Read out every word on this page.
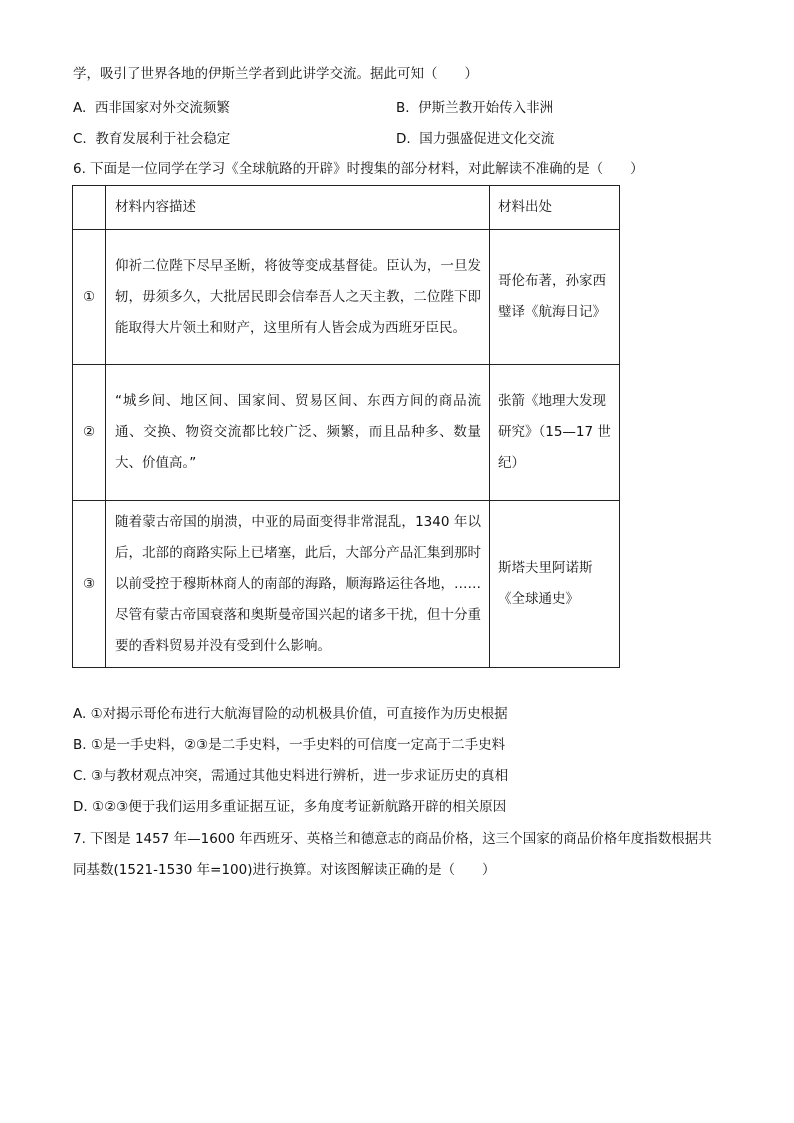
学，吸引了世界各地的伊斯兰学者到此讲学交流。据此可知（　　）
A. 西非国家对外交流频繁	B. 伊斯兰教开始传入非洲
C. 教育发展利于社会稳定	D. 国力强盛促进文化交流
6. 下面是一位同学在学习《全球航路的开辟》时搜集的部分材料，对此解读不准确的是（　　）
	材料内容描述	材料出处
①	仰祈二位陛下尽早圣断，将彼等变成基督徒。臣认为，一旦发轫，毋须多久，大批居民即会信奉吾人之天主教，二位陛下即能取得大片领土和财产，这里所有人皆会成为西班牙臣民。	哥伦布著，孙家西璧译《航海日记》
②	“城乡间、地区间、国家间、贸易区间、东西方间的商品流通、交换、物资交流都比较广泛、频繁，而且品种多、数量大、价值高。”	张箭《地理大发现研究》（15—17 世纪）
③	随着蒙古帝国的崩溃，中亚的局面变得非常混乱，1340 年以后，北部的商路实际上已堵塞，此后，大部分产品汇集到那时以前受控于穆斯林商人的南部的海路，顺海路运往各地，……尽管有蒙古帝国衰落和奥斯曼帝国兴起的诸多干扰，但十分重要的香料贸易并没有受到什么影响。	斯塔夫里阿诺斯《全球通史》
A. ①对揭示哥伦布进行大航海冒险的动机极具价值，可直接作为历史根据
B. ①是一手史料，②③是二手史料，一手史料的可信度一定高于二手史料
C. ③与教材观点冲突，需通过其他史料进行辨析，进一步求证历史的真相
D. ①②③便于我们运用多重证据互证，多角度考证新航路开辟的相关原因
7. 下图是 1457 年—1600 年西班牙、英格兰和德意志的商品价格，这三个国家的商品价格年度指数根据共
同基数(1521-1530 年=100)进行换算。对该图解读正确的是（　　）
